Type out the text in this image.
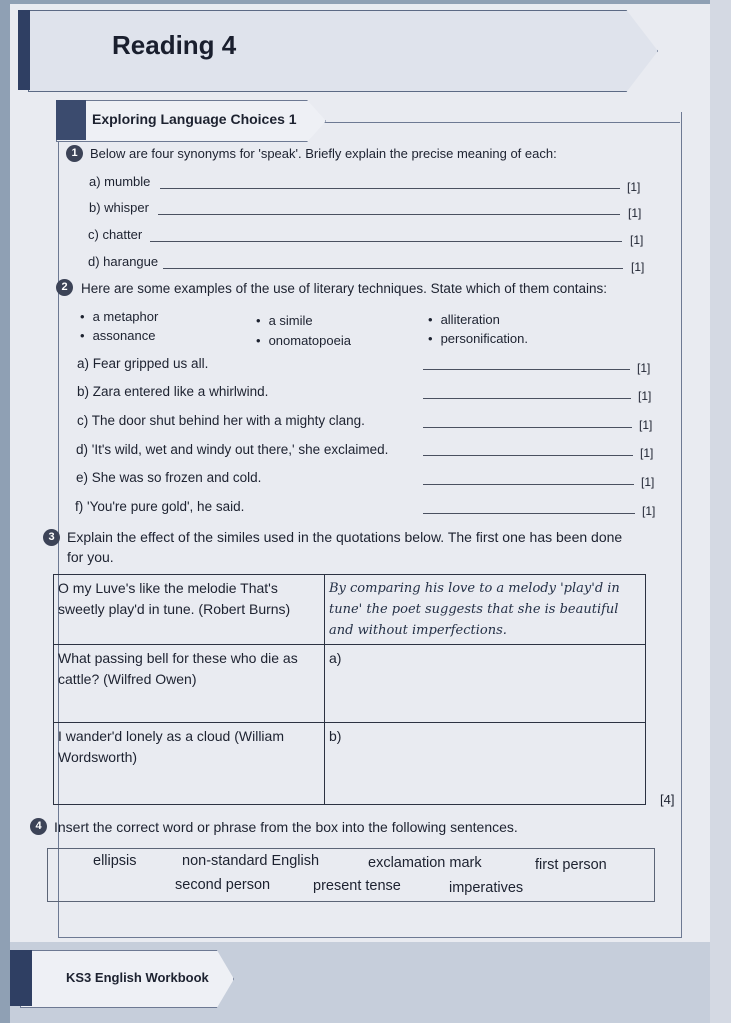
Reading 4
Exploring Language Choices 1
1 Below are four synonyms for 'speak'. Briefly explain the precise meaning of each:
a) mumble	[1]
b) whisper	[1]
c) chatter	[1]
d) harangue	[1]
2 Here are some examples of the use of literary techniques. State which of them contains:
• a metaphor	• a simile	• alliteration
• assonance	• onomatopoeia	• personification.
a) Fear gripped us all.	[1]
b) Zara entered like a whirlwind.	[1]
c) The door shut behind her with a mighty clang.	[1]
d) 'It's wild, wet and windy out there,' she exclaimed.	[1]
e) She was so frozen and cold.	[1]
f) 'You're pure gold', he said.	[1]
3 Explain the effect of the similes used in the quotations below. The first one has been done
for you.
O my Luve's like the melodie That's sweetly play'd in tune. (Robert Burns)	By comparing his love to a melody 'play'd in tune' the poet suggests that she is beautiful and without imperfections.
What passing bell for these who die as cattle? (Wilfred Owen)	a)
I wander'd lonely as a cloud (William Wordsworth)	b)
[4]
4 Insert the correct word or phrase from the box into the following sentences.
ellipsis	non-standard English	exclamation mark	first person
second person	present tense	imperatives
KS3 English Workbook
